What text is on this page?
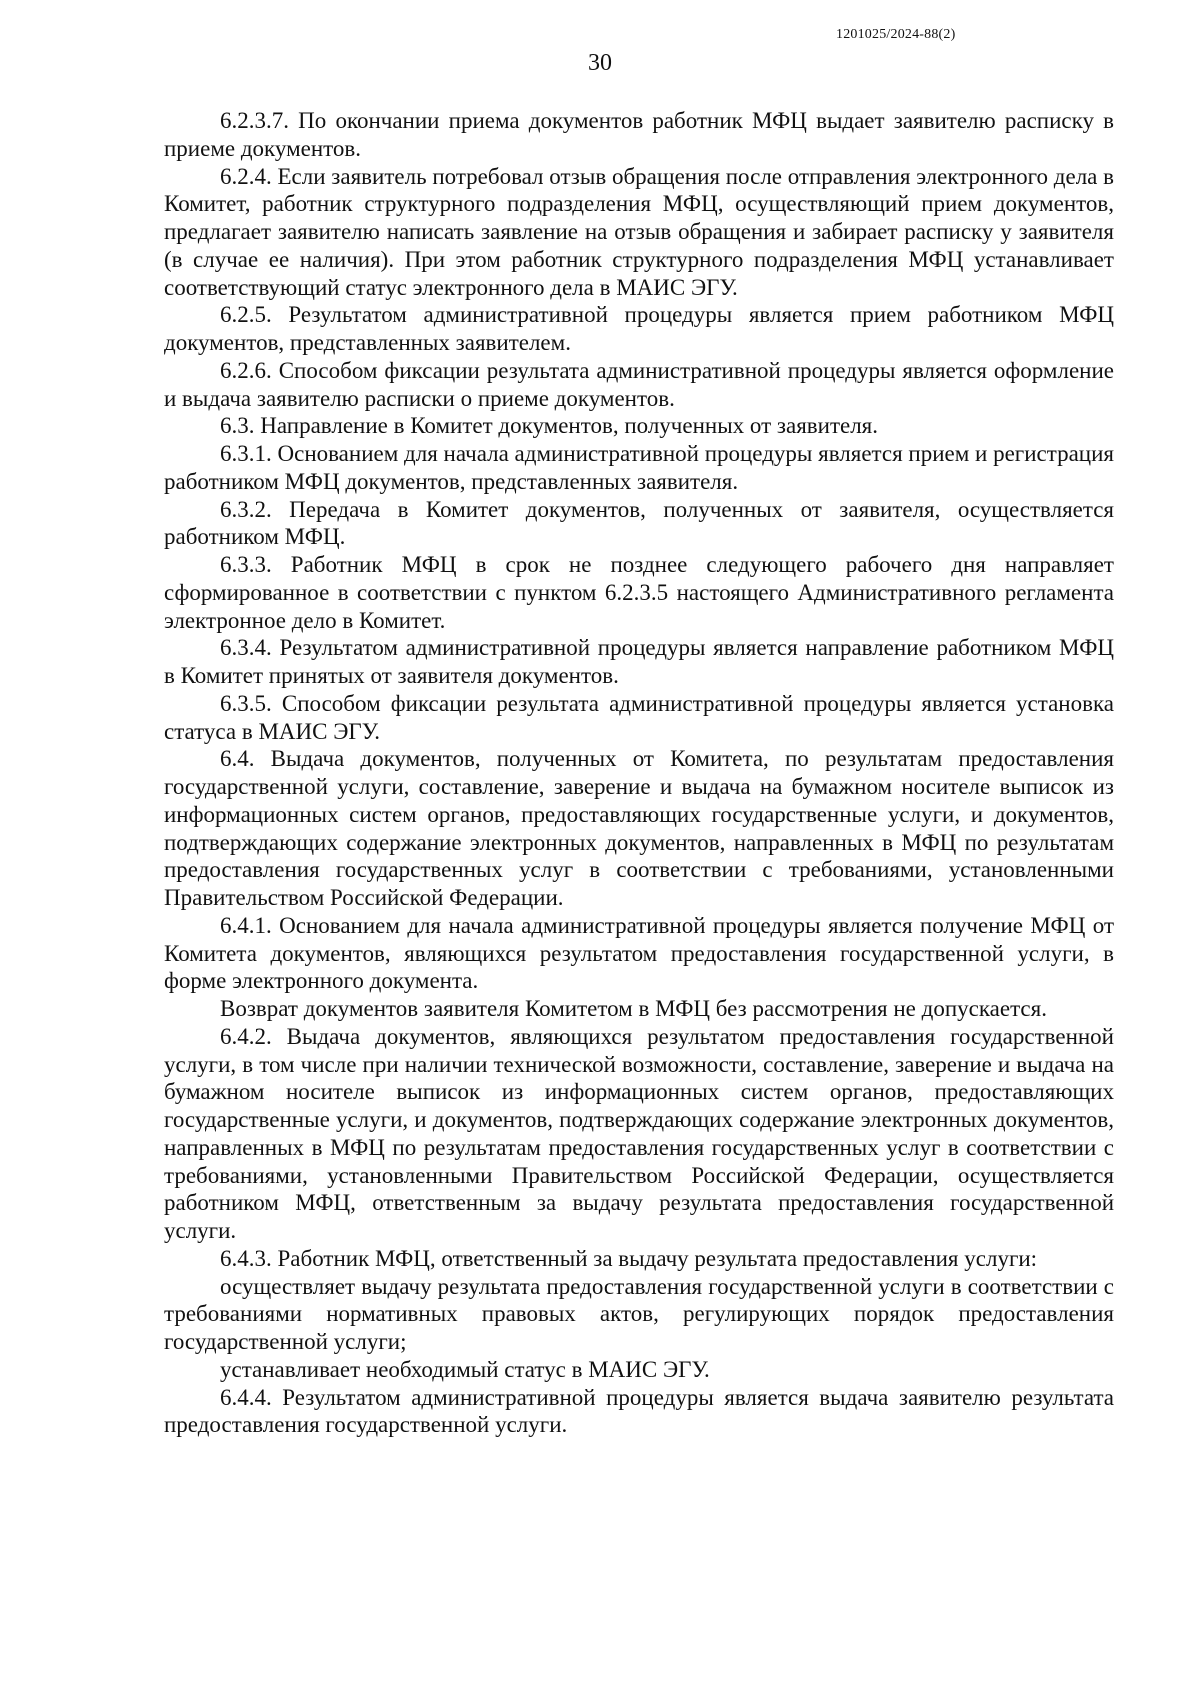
1201025/2024-88(2)
30

6.2.3.7. По окончании приема документов работник МФЦ выдает заявителю расписку в приеме документов.

6.2.4. Если заявитель потребовал отзыв обращения после отправления электронного дела в Комитет, работник структурного подразделения МФЦ, осуществляющий прием документов, предлагает заявителю написать заявление на отзыв обращения и забирает расписку у заявителя (в случае ее наличия). При этом работник структурного подразделения МФЦ устанавливает соответствующий статус электронного дела в МАИС ЭГУ.

6.2.5. Результатом административной процедуры является прием работником МФЦ документов, представленных заявителем.

6.2.6. Способом фиксации результата административной процедуры является оформление и выдача заявителю расписки о приеме документов.

6.3. Направление в Комитет документов, полученных от заявителя.

6.3.1. Основанием для начала административной процедуры является прием и регистрация работником МФЦ документов, представленных заявителя.

6.3.2. Передача в Комитет документов, полученных от заявителя, осуществляется работником МФЦ.

6.3.3. Работник МФЦ в срок не позднее следующего рабочего дня направляет сформированное в соответствии с пунктом 6.2.3.5 настоящего Административного регламента электронное дело в Комитет.

6.3.4. Результатом административной процедуры является направление работником МФЦ в Комитет принятых от заявителя документов.

6.3.5. Способом фиксации результата административной процедуры является установка статуса в МАИС ЭГУ.

6.4. Выдача документов, полученных от Комитета, по результатам предоставления государственной услуги, составление, заверение и выдача на бумажном носителе выписок из информационных систем органов, предоставляющих государственные услуги, и документов, подтверждающих содержание электронных документов, направленных в МФЦ по результатам предоставления государственных услуг в соответствии с требованиями, установленными Правительством Российской Федерации.

6.4.1. Основанием для начала административной процедуры является получение МФЦ от Комитета документов, являющихся результатом предоставления государственной услуги, в форме электронного документа.

Возврат документов заявителя Комитетом в МФЦ без рассмотрения не допускается.

6.4.2. Выдача документов, являющихся результатом предоставления государственной услуги, в том числе при наличии технической возможности, составление, заверение и выдача на бумажном носителе выписок из информационных систем органов, предоставляющих государственные услуги, и документов, подтверждающих содержание электронных документов, направленных в МФЦ по результатам предоставления государственных услуг в соответствии с требованиями, установленными Правительством Российской Федерации, осуществляется работником МФЦ, ответственным за выдачу результата предоставления государственной услуги.

6.4.3. Работник МФЦ, ответственный за выдачу результата предоставления услуги:

осуществляет выдачу результата предоставления государственной услуги в соответствии с требованиями нормативных правовых актов, регулирующих порядок предоставления государственной услуги;

устанавливает необходимый статус в МАИС ЭГУ.

6.4.4. Результатом административной процедуры является выдача заявителю результата предоставления государственной услуги.
